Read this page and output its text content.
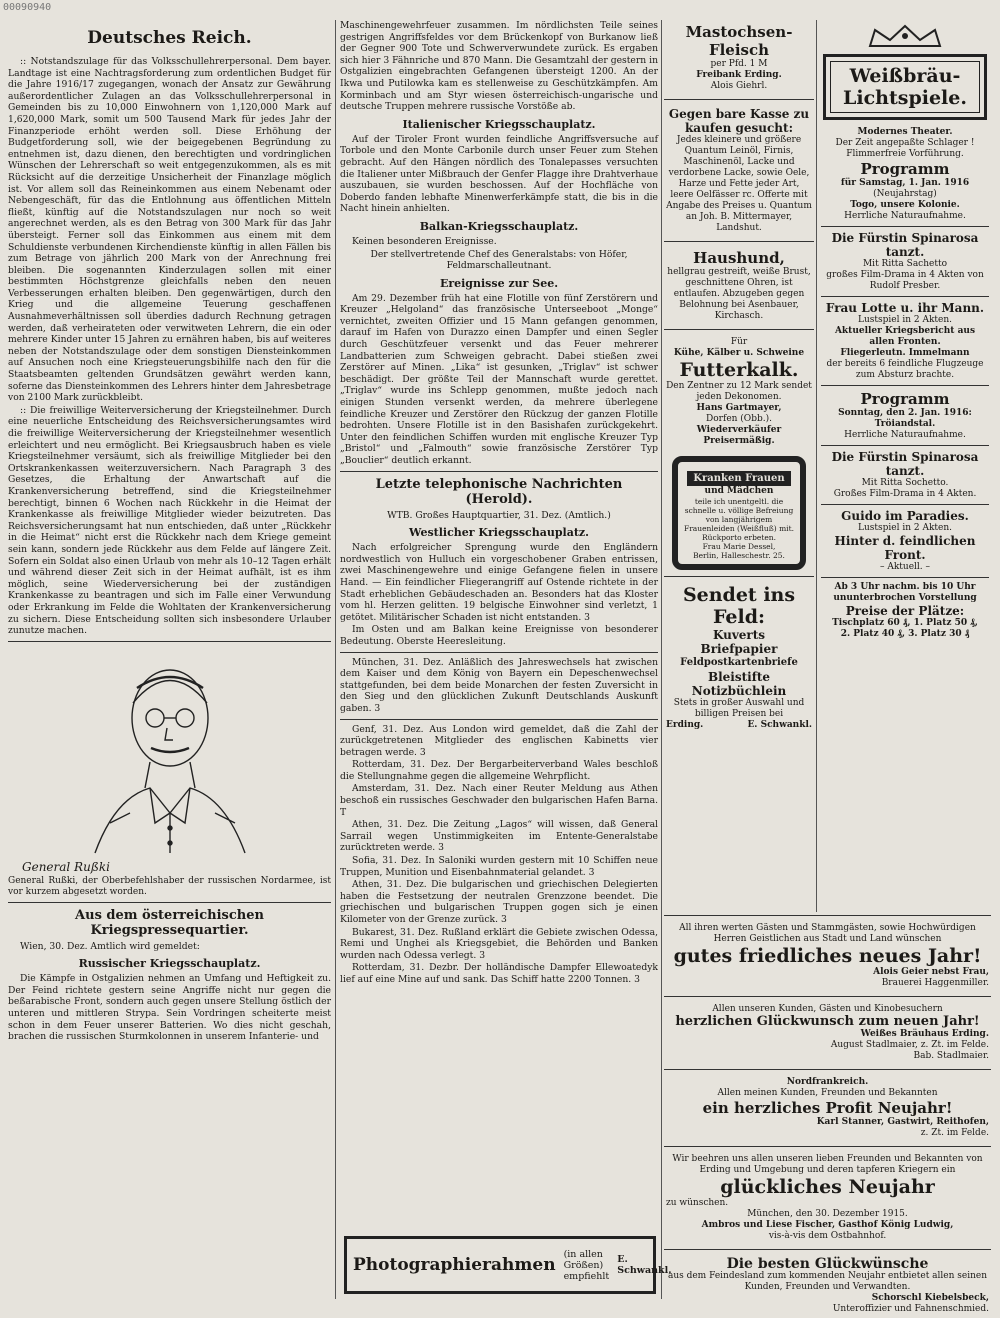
00090940
Deutsches Reich.

:: Notstandszulage für das Volksschullehrerpersonal. Dem bayer. Landtage ist eine Nachtragsforderung zum ordentlichen Budget für die Jahre 1916/17 zugegangen, wonach der Ansatz zur Gewährung außerordentlicher Zulagen an das Volksschullehrerpersonal in Gemeinden bis zu 10,000 Einwohnern von 1,120,000 Mark auf 1,620,000 Mark, somit um 500 Tausend Mark für jedes Jahr der Finanzperiode erhöht werden soll. Diese Erhöhung der Budgetforderung soll, wie der beigegebenen Begründung zu entnehmen ist, dazu dienen, den berechtigten und vordringlichen Wünschen der Lehrerschaft so weit entgegenzukommen, als es mit Rücksicht auf die derzeitige Unsicherheit der Finanzlage möglich ist. Vor allem soll das Reineinkommen aus einem Nebenamt oder Nebengeschäft, für das die Entlohnung aus öffentlichen Mitteln fließt, künftig auf die Notstandszulagen nur noch so weit angerechnet werden, als es den Betrag von 300 Mark für das Jahr übersteigt. Ferner soll das Einkommen aus einem mit dem Schuldienste verbundenen Kirchendienste künftig in allen Fällen bis zum Betrage von jährlich 200 Mark von der Anrechnung frei bleiben. Die sogenannten Kinderzulagen sollen mit einer bestimmten Höchstgrenze gleichfalls neben den neuen Verbesserungen erhalten bleiben. Den gegenwärtigen, durch den Krieg und die allgemeine Teuerung geschaffenen Ausnahmeverhältnissen soll überdies dadurch Rechnung getragen werden, daß verheirateten oder verwitweten Lehrern, die ein oder mehrere Kinder unter 15 Jahren zu ernähren haben, bis auf weiteres neben der Notstandszulage oder dem sonstigen Diensteinkommen auf Ansuchen noch eine Kriegsteuerungsbihilfe nach den für die Staatsbeamten geltenden Grundsätzen gewährt werden kann, soferne das Diensteinkommen des Lehrers hinter dem Jahresbetrage von 2100 Mark zurückbleibt.

:: Die freiwillige Weiterversicherung der Kriegsteilnehmer. Durch eine neuerliche Entscheidung des Reichsversicherungsamtes wird die freiwillige Weiterversicherung der Kriegsteilnehmer wesentlich erleichtert und neu ermöglicht. Bei Kriegsausbruch haben es viele Kriegsteilnehmer versäumt, sich als freiwillige Mitglieder bei den Ortskrankenkassen weiterzuversichern. Nach Paragraph 3 des Gesetzes, die Erhaltung der Anwartschaft auf die Krankenversicherung betreffend, sind die Kriegsteilnehmer berechtigt, binnen 6 Wochen nach Rückkehr in die Heimat der Krankenkasse als freiwillige Mitglieder wieder beizutreten. Das Reichsversicherungsamt hat nun entschieden, daß unter „Rückkehr in die Heimat“ nicht erst die Rückkehr nach dem Kriege gemeint sein kann, sondern jede Rückkehr aus dem Felde auf längere Zeit. Sofern ein Soldat also einen Urlaub von mehr als 10–12 Tagen erhält und während dieser Zeit sich in der Heimat aufhält, ist es ihm möglich, seine Wiederversicherung bei der zuständigen Krankenkasse zu beantragen und sich im Falle einer Verwundung oder Erkrankung im Felde die Wohltaten der Krankenversicherung zu sichern. Diese Entscheidung sollten sich insbesondere Urlauber zunutze machen.

General Rußki

General Rußki, der Oberbefehlshaber der russischen Nordarmee, ist vor kurzem abgesetzt worden.

Aus dem österreichischen Kriegspressequartier.

Wien, 30. Dez. Amtlich wird gemeldet:

Russischer Kriegsschauplatz.

Die Kämpfe in Ostgalizien nehmen an Umfang und Heftigkeit zu. Der Feind richtete gestern seine Angriffe nicht nur gegen die beßarabische Front, sondern auch gegen unsere Stellung östlich der unteren und mittleren Strypa. Sein Vordringen scheiterte meist schon in dem Feuer unserer Batterien. Wo dies nicht geschah, brachen die russischen Sturmkolonnen in unserem Infanterie- und

Maschinengewehrfeuer zusammen. Im nördlichsten Teile seines gestrigen Angriffsfeldes vor dem Brückenkopf von Burkanow ließ der Gegner 900 Tote und Schwerverwundete zurück. Es ergaben sich hier 3 Fähnriche und 870 Mann. Die Gesamtzahl der gestern in Ostgalizien eingebrachten Gefangenen übersteigt 1200. An der Ikwa und Putilowka kam es stellenweise zu Geschützkämpfen. Am Korminbach und am Styr wiesen österreichisch-ungarische und deutsche Truppen mehrere russische Vorstöße ab.

Italienischer Kriegsschauplatz.

Auf der Tiroler Front wurden feindliche Angriffsversuche auf Torbole und den Monte Carbonile durch unser Feuer zum Stehen gebracht. Auf den Hängen nördlich des Tonalepasses versuchten die Italiener unter Mißbrauch der Genfer Flagge ihre Drahtverhaue auszubauen, sie wurden beschossen. Auf der Hochfläche von Doberdo fanden lebhafte Minenwerferkämpfe statt, die bis in die Nacht hinein anhielten.

Balkan-Kriegsschauplatz.

Keinen besonderen Ereignisse.

Der stellvertretende Chef des Generalstabs: von Höfer, Feldmarschalleutnant.

Ereignisse zur See.

Am 29. Dezember früh hat eine Flotille von fünf Zerstörern und Kreuzer „Helgoland“ das französische Unterseeboot „Monge“ vernichtet, zweiten Offizier und 15 Mann gefangen genommen, darauf im Hafen von Durazzo einen Dampfer und einen Segler durch Geschützfeuer versenkt und das Feuer mehrerer Landbatterien zum Schweigen gebracht. Dabei stießen zwei Zerstörer auf Minen. „Lika“ ist gesunken, „Triglav“ ist schwer beschädigt. Der größte Teil der Mannschaft wurde gerettet. „Triglav“ wurde ins Schlepp genommen, mußte jedoch nach einigen Stunden versenkt werden, da mehrere überlegene feindliche Kreuzer und Zerstörer den Rückzug der ganzen Flotille bedrohten. Unsere Flotille ist in den Basishafen zurückgekehrt. Unter den feindlichen Schiffen wurden mit englische Kreuzer Typ „Bristol“ und „Falmouth“ sowie französische Zerstörer Typ „Bouclier“ deutlich erkannt.

Letzte telephonische Nachrichten (Herold).

WTB. Großes Hauptquartier, 31. Dez. (Amtlich.)

Westlicher Kriegsschauplatz.

Nach erfolgreicher Sprengung wurde den Engländern nordwestlich von Hulluch ein vorgeschobener Graben entrissen, zwei Maschinengewehre und einige Gefangene fielen in unsere Hand. — Ein feindlicher Fliegerangriff auf Ostende richtete in der Stadt erheblichen Gebäudeschaden an. Besonders hat das Kloster vom hl. Herzen gelitten. 19 belgische Einwohner sind verletzt, 1 getötet. Militärischer Schaden ist nicht entstanden. 3

Im Osten und am Balkan keine Ereignisse von besonderer Bedeutung. Oberste Heeresleitung.

München, 31. Dez. Anläßlich des Jahreswechsels hat zwischen dem Kaiser und dem König von Bayern ein Depeschenwechsel stattgefunden, bei dem beide Monarchen der festen Zuversicht in den Sieg und den glücklichen Zukunft Deutschlands Auskunft gaben. 3

Genf, 31. Dez. Aus London wird gemeldet, daß die Zahl der zurückgetretenen Mitglieder des englischen Kabinetts vier betragen werde. 3

Rotterdam, 31. Dez. Der Bergarbeiterverband Wales beschloß die Stellungnahme gegen die allgemeine Wehrpflicht.

Amsterdam, 31. Dez. Nach einer Reuter Meldung aus Athen beschoß ein russisches Geschwader den bulgarischen Hafen Barna. T

Athen, 31. Dez. Die Zeitung „Lagos“ will wissen, daß General Sarrail wegen Unstimmigkeiten im Entente-Generalstabe zurücktreten werde. 3

Sofia, 31. Dez. In Saloniki wurden gestern mit 10 Schiffen neue Truppen, Munition und Eisenbahnmaterial gelandet. 3

Athen, 31. Dez. Die bulgarischen und griechischen Delegierten haben die Festsetzung der neutralen Grenzzone beendet. Die griechischen und bulgarischen Truppen gogen sich je einen Kilometer von der Grenze zurück. 3

Bukarest, 31. Dez. Rußland erklärt die Gebiete zwischen Odessa, Remi und Unghei als Kriegsgebiet, die Behörden und Banken wurden nach Odessa verlegt. 3

Rotterdam, 31. Dezbr. Der holländische Dampfer Ellewoatedyk lief auf eine Mine auf und sank. Das Schiff hatte 2200 Tonnen. 3

Photographierahmen
(in allen Größen) empfiehlt
E. Schwankl.
Mastochsen-Fleisch
per Pfd. 1 M
Freibank Erding.
Alois Giehrl.
Gegen bare Kasse zu kaufen gesucht:
Jedes kleinere und größere Quantum Leinöl, Firnis, Maschinenöl, Lacke und verdorbene Lacke, sowie Oele, Harze und Fette jeder Art, leere Oelfässer rc. Offerte mit Angabe des Preises u. Quantum an Joh. B. Mittermayer, Landshut.
Haushund,
hellgrau gestreift, weiße Brust, geschnittene Ohren, ist entlaufen. Abzugeben gegen Belohnung bei Asenbauer, Kirchasch.
Für
Kühe, Kälber u. Schweine
Futterkalk.
Den Zentner zu 12 Mark sendet jeden Dekonomen.
Hans Gartmayer,
Dorfen (Obb.).
Wiederverkäufer Preisermäßig.
Kranken Frauen
und Mädchen
teile ich unentgeltl. die schnelle u. völlige Befreiung von langjährigem Frauenleiden (Weißfluß) mit. Rückporto erbeten.
Frau Marie Dessel,
Berlin, Halleschestr. 25.
Sendet ins Feld:
Kuverts
Briefpapier
Feldpostkartenbriefe
Bleistifte
Notizbüchlein
Stets in großer Auswahl und billigen Preisen bei
Erding.	E. Schwankl.
Weißbräu-Lichtspiele.
Modernes Theater.
Der Zeit angepaßte Schlager !
Flimmerfreie Vorführung.
Programm
für Samstag, 1. Jan. 1916
(Neujahrstag)
Togo, unsere Kolonie.
Herrliche Naturaufnahme.
Die Fürstin Spinarosa tanzt.
Mit Ritta Sachetto
großes Film-Drama in 4 Akten von Rudolf Presber.
Frau Lotte u. ihr Mann.
Lustspiel in 2 Akten.
Aktueller Kriegsbericht aus allen Fronten.
Fliegerleutn. Immelmann
der bereits 6 feindliche Flugzeuge zum Absturz brachte.
Programm
Sonntag, den 2. Jan. 1916:
Tröiandstal.
Herrliche Naturaufnahme.
Die Fürstin Spinarosa tanzt.
Mit Ritta Sochetto.
Großes Film-Drama in 4 Akten.
Guido im Paradies.
Lustspiel in 2 Akten.
Hinter d. feindlichen Front.
– Aktuell. –
Ab 3 Uhr nachm. bis 10 Uhr ununterbrochen Vorstellung
Preise der Plätze:
Tischplatz 60 ₰, 1. Platz 50 ₰,
2. Platz 40 ₰, 3. Platz 30 ₰
All ihren werten Gästen und Stammgästen, sowie Hochwürdigen Herren Geistlichen aus Stadt und Land wünschen
gutes friedliches neues Jahr!
Alois Geier nebst Frau,
Brauerei Haggenmiller.
Allen unseren Kunden, Gästen und Kinobesuchern
herzlichen Glückwunsch zum neuen Jahr!
Weißes Bräuhaus Erding.
August Stadlmaier, z. Zt. im Felde.
Bab. Stadlmaier.
Nordfrankreich.
Allen meinen Kunden, Freunden und Bekannten
ein herzliches Profit Neujahr!
Karl Stanner, Gastwirt, Reithofen,
z. Zt. im Felde.
Wir beehren uns allen unseren lieben Freunden und Bekannten von Erding und Umgebung und deren tapferen Kriegern ein
glückliches Neujahr
zu wünschen.
München, den 30. Dezember 1915.
Ambros und Liese Fischer, Gasthof König Ludwig,
vis-à-vis dem Ostbahnhof.
Die besten Glückwünsche
aus dem Feindesland zum kommenden Neujahr entbietet allen seinen Kunden, Freunden und Verwandten.
Schorschl Kiebelsbeck,
Unteroffizier und Fahnenschmied.
